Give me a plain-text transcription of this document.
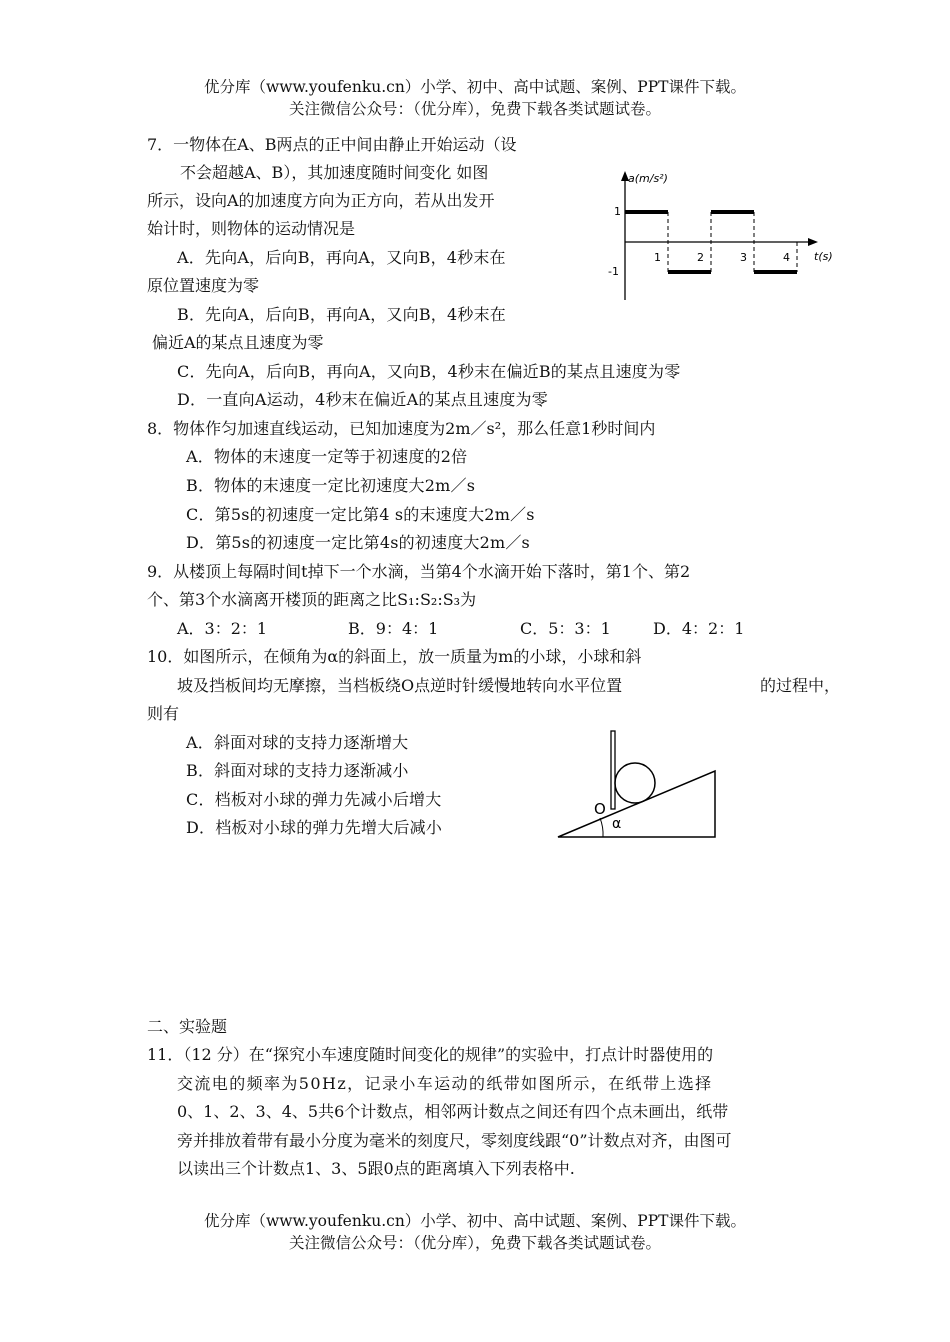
优分库（www.youfenku.cn）小学、初中、高中试题、案例、PPT课件下载。
关注微信公众号：（优分库），免费下载各类试题试卷。
7．一物体在A、B两点的正中间由静止开始运动（设
不会超越A、B），其加速度随时间变化 如图
所示，设向A的加速度方向为正方向，若从出发开
始计时，则物体的运动情况是
A．先向A，后向B，再向A，又向B，4秒末在
原位置速度为零
B．先向A，后向B，再向A，又向B，4秒末在
偏近A的某点且速度为零
C．先向A，后向B，再向A，又向B，4秒末在偏近B的某点且速度为零
D．一直向A运动，4秒末在偏近A的某点且速度为零
a(m/s²)
t(s)
1
-1
1	2	3	4
8．物体作匀加速直线运动，已知加速度为2m／s²，那么任意1秒时间内
A．物体的末速度一定等于初速度的2倍
B．物体的末速度一定比初速度大2m／s
C．第5s的初速度一定比第4 s的末速度大2m／s
D．第5s的初速度一定比第4s的初速度大2m／s
9．从楼顶上每隔时间t掉下一个水滴，当第4个水滴开始下落时，第1个、第2
个、第3个水滴离开楼顶的距离之比S₁:S₂:S₃为
A．3：2：1	B．9：4：1	C．5：3：1	D．4：2：1
10．如图所示，在倾角为α的斜面上，放一质量为m的小球，小球和斜
坡及挡板间均无摩擦，当档板绕O点逆时针缓慢地转向水平位置	的过程中，
则有
A．斜面对球的支持力逐渐增大
B．斜面对球的支持力逐渐减小
C．档板对小球的弹力先减小后增大
D．档板对小球的弹力先增大后减小
O
α
二、实验题
11．（12 分）在“探究小车速度随时间变化的规律”的实验中，打点计时器使用的
交流电的频率为50Hz，记录小车运动的纸带如图所示，在纸带上选择
0、1、2、3、4、5共6个计数点，相邻两计数点之间还有四个点未画出，纸带
旁并排放着带有最小分度为毫米的刻度尺，零刻度线跟“0”计数点对齐，由图可
以读出三个计数点1、3、5跟0点的距离填入下列表格中.
优分库（www.youfenku.cn）小学、初中、高中试题、案例、PPT课件下载。
关注微信公众号：（优分库），免费下载各类试题试卷。
